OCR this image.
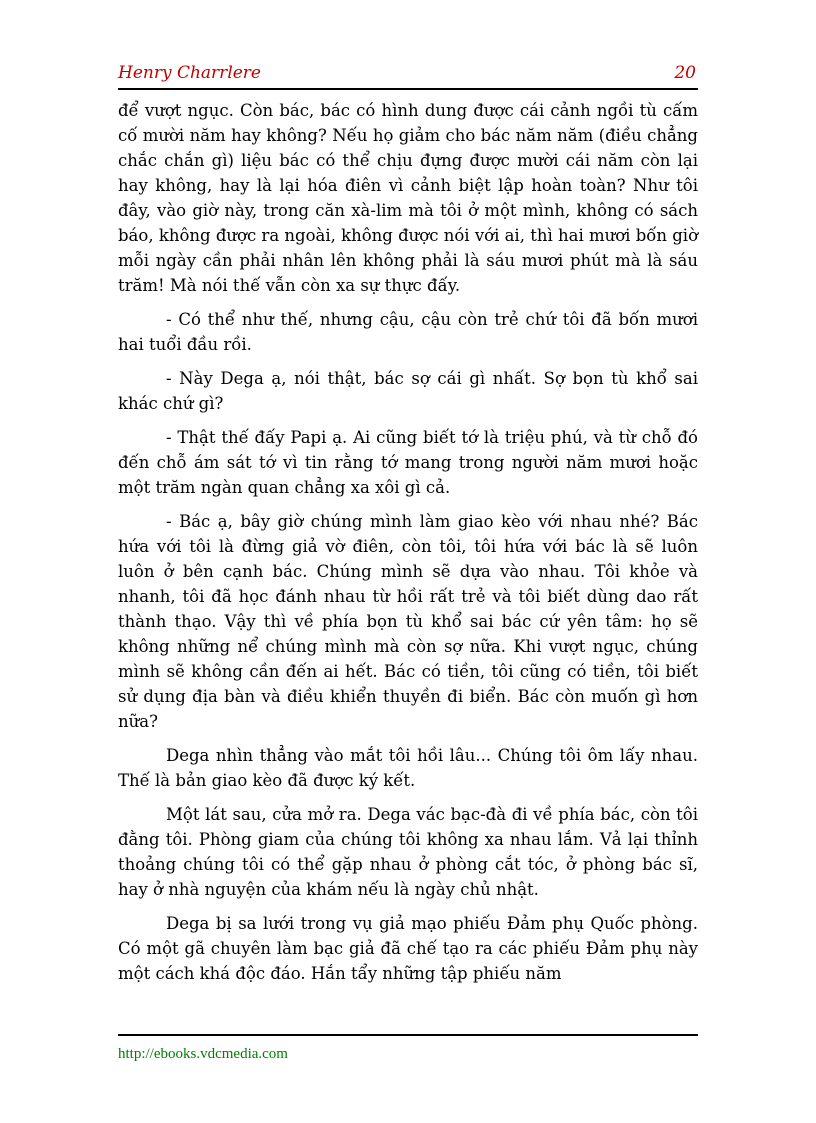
Henry Charrlere	20

để vượt ngục. Còn bác, bác có hình dung được cái cảnh ngồi tù cấm cố mười năm hay không? Nếu họ giảm cho bác năm năm (điều chẳng chắc chắn gì) liệu bác có thể chịu đựng được mười cái năm còn lại hay không, hay là lại hóa điên vì cảnh biệt lập hoàn toàn? Như tôi đây, vào giờ này, trong căn xà-lim mà tôi ở một mình, không có sách báo, không được ra ngoài, không được nói với ai, thì hai mươi bốn giờ mỗi ngày cần phải nhân lên không phải là sáu mươi phút mà là sáu trăm! Mà nói thế vẫn còn xa sự thực đấy.

- Có thể như thế, nhưng cậu, cậu còn trẻ chứ tôi đã bốn mươi hai tuổi đầu rồi.

- Này Dega ạ, nói thật, bác sợ cái gì nhất. Sợ bọn tù khổ sai khác chứ gì?

- Thật thế đấy Papi ạ. Ai cũng biết tớ là triệu phú, và từ chỗ đó đến chỗ ám sát tớ vì tin rằng tớ mang trong người năm mươi hoặc một trăm ngàn quan chẳng xa xôi gì cả.

- Bác ạ, bây giờ chúng mình làm giao kèo với nhau nhé? Bác hứa với tôi là đừng giả vờ điên, còn tôi, tôi hứa với bác là sẽ luôn luôn ở bên cạnh bác. Chúng mình sẽ dựa vào nhau. Tôi khỏe và nhanh, tôi đã học đánh nhau từ hồi rất trẻ và tôi biết dùng dao rất thành thạo. Vậy thì về phía bọn tù khổ sai bác cứ yên tâm: họ sẽ không những nể chúng mình mà còn sợ nữa. Khi vượt ngục, chúng mình sẽ không cần đến ai hết. Bác có tiền, tôi cũng có tiền, tôi biết sử dụng địa bàn và điều khiển thuyền đi biển. Bác còn muốn gì hơn nữa?

Dega nhìn thẳng vào mắt tôi hồi lâu... Chúng tôi ôm lấy nhau. Thế là bản giao kèo đã được ký kết.

Một lát sau, cửa mở ra. Dega vác bạc-đà đi về phía bác, còn tôi đằng tôi. Phòng giam của chúng tôi không xa nhau lắm. Vả lại thỉnh thoảng chúng tôi có thể gặp nhau ở phòng cắt tóc, ở phòng bác sĩ, hay ở nhà nguyện của khám nếu là ngày chủ nhật.

Dega bị sa lưới trong vụ giả mạo phiếu Đảm phụ Quốc phòng. Có một gã chuyên làm bạc giả đã chế tạo ra các phiếu Đảm phụ này một cách khá độc đáo. Hắn tẩy những tập phiếu năm

http://ebooks.vdcmedia.com
